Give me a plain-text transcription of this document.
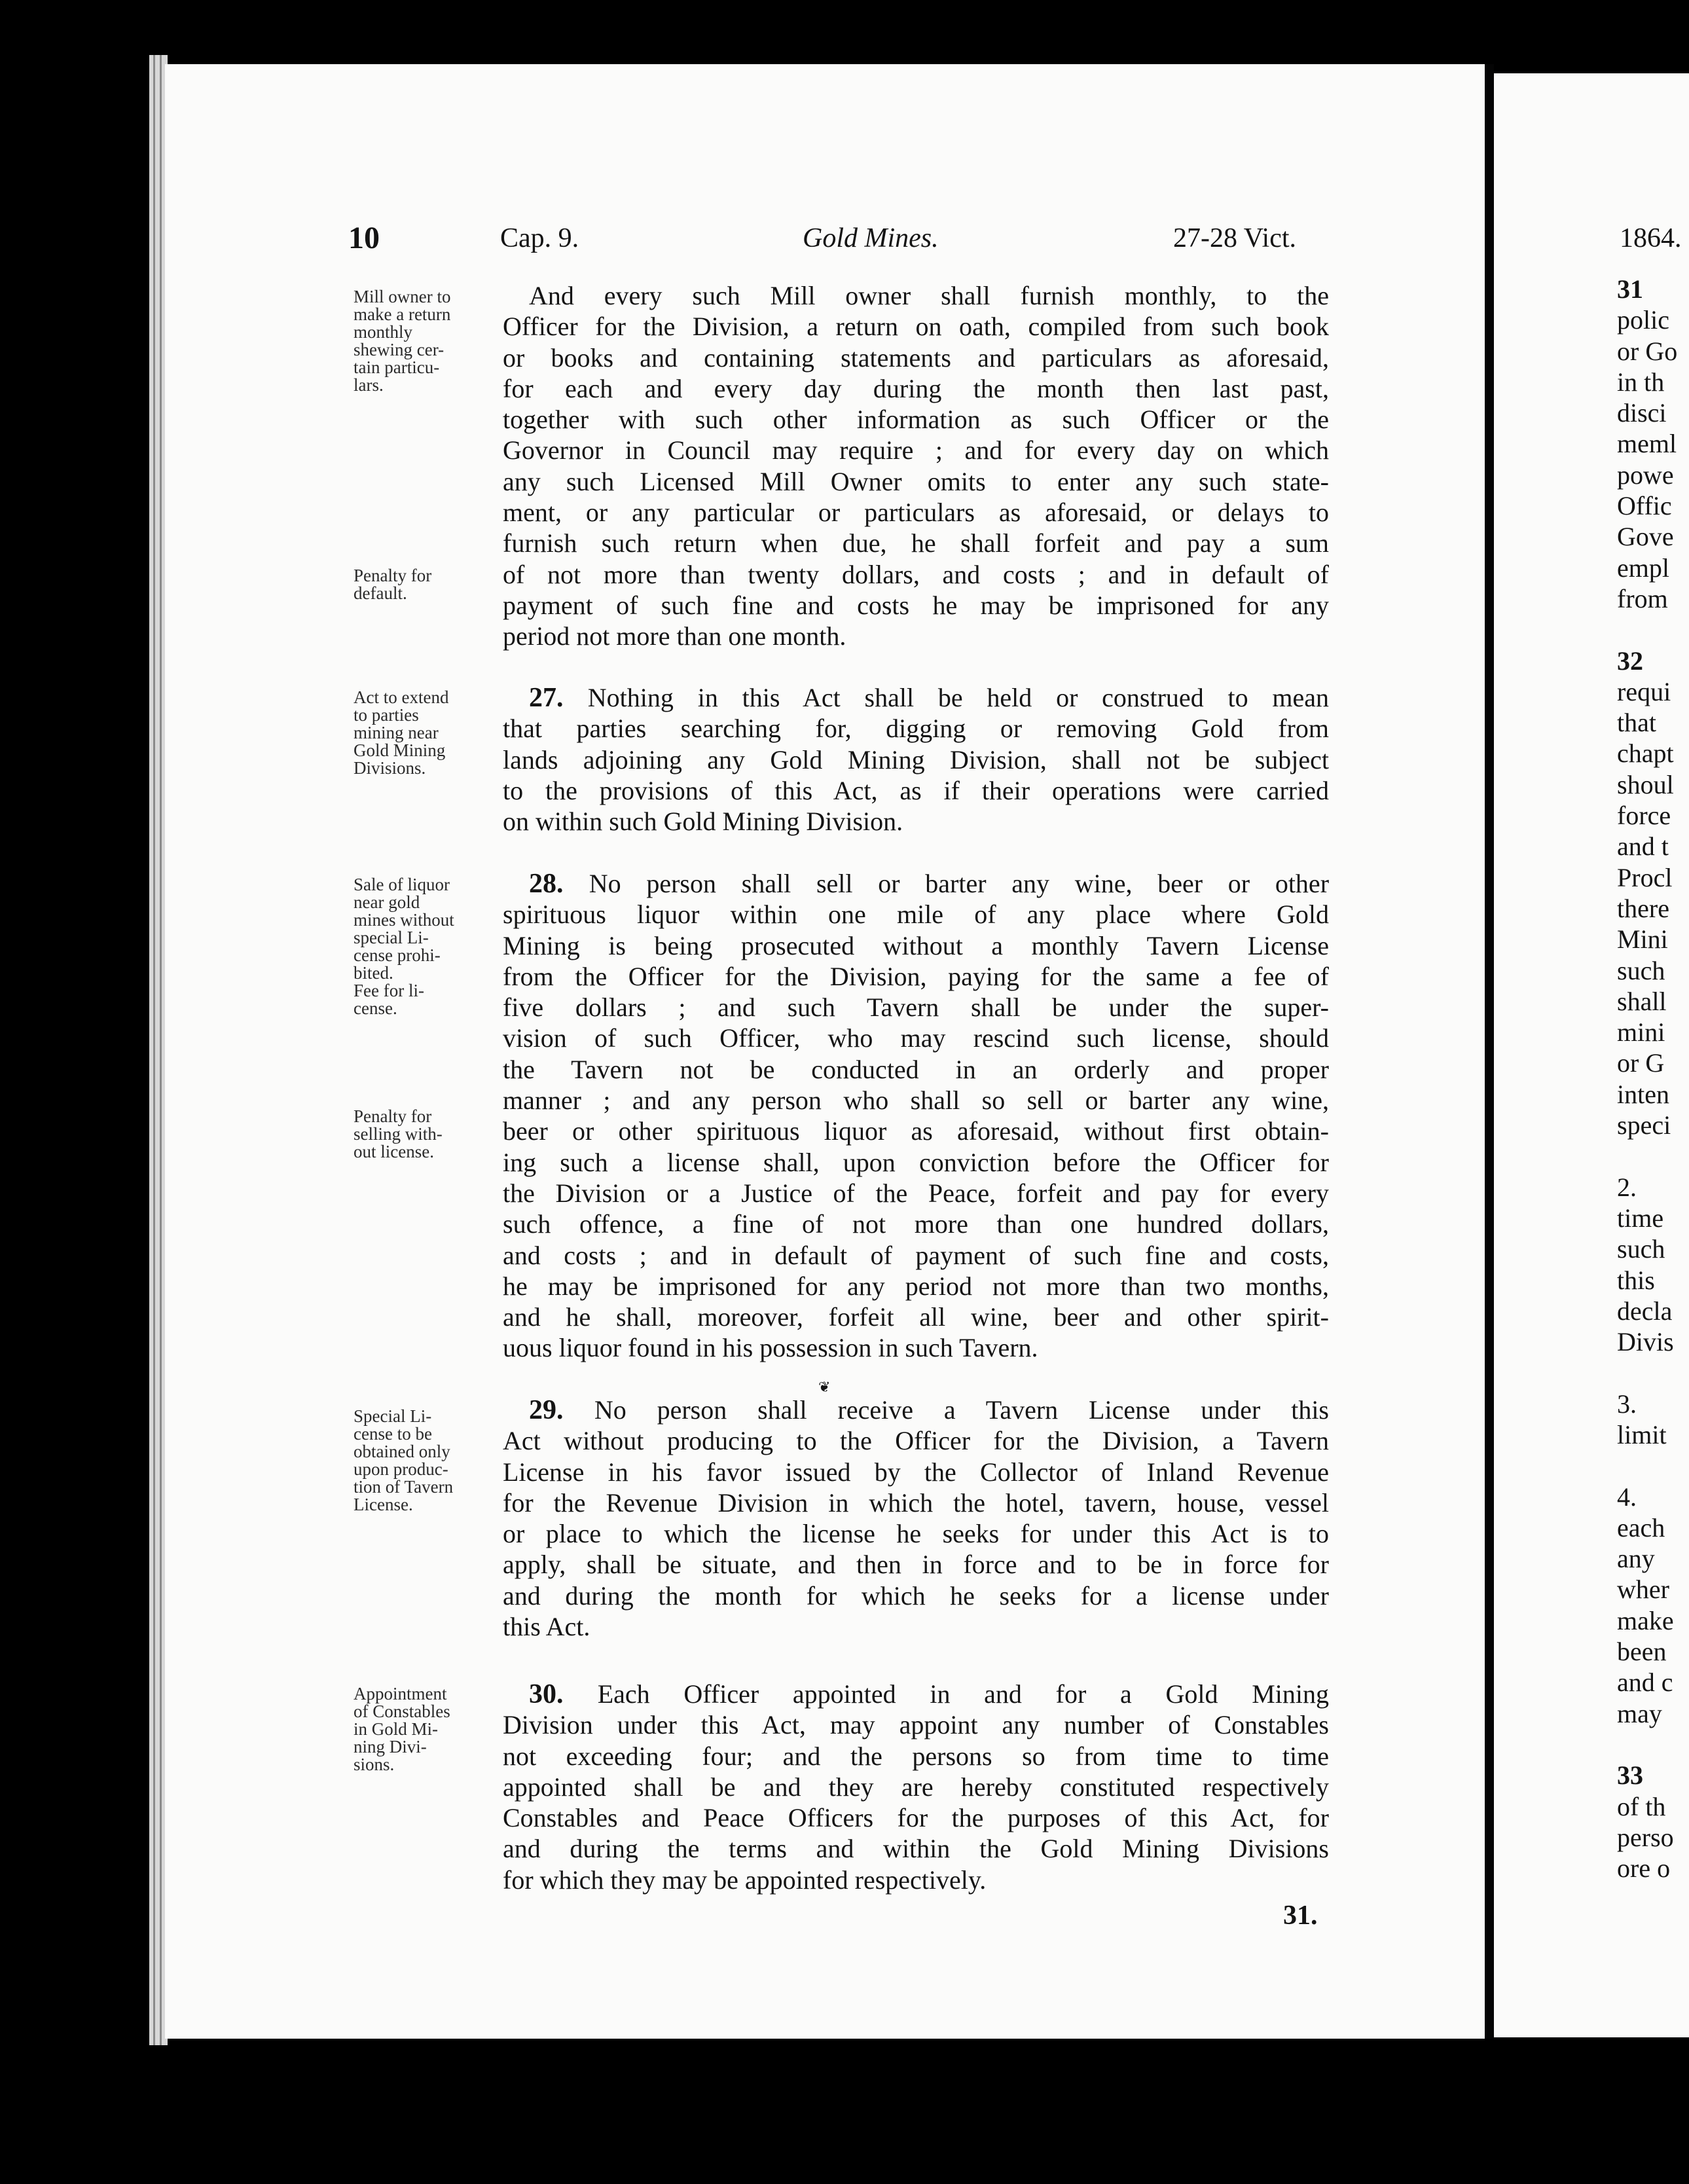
10	Cap. 9.	Gold Mines.	27-28 Vict.
And every such Mill owner shall furnish monthly, to the
Officer for the Division, a return on oath, compiled from such book
or books and containing statements and particulars as aforesaid,
for each and every day during the month then last past,
together with such other information as such Officer or the
Governor in Council may require ; and for every day on which
any such Licensed Mill Owner omits to enter any such state-
ment, or any particular or particulars as aforesaid, or delays to
furnish such return when due, he shall forfeit and pay a sum
of not more than twenty dollars, and costs ; and in default of
payment of such fine and costs he may be imprisoned for any
period not more than one month.
Mill owner to
make a return
monthly
shewing cer-
tain particu-
lars.
Penalty for
default.
27. Nothing in this Act shall be held or construed to mean
that parties searching for, digging or removing Gold from
lands adjoining any Gold Mining Division, shall not be subject
to the provisions of this Act, as if their operations were carried
on within such Gold Mining Division.
Act to extend
to parties
mining near
Gold Mining
Divisions.
28. No person shall sell or barter any wine, beer or other
spirituous liquor within one mile of any place where Gold
Mining is being prosecuted without a monthly Tavern License
from the Officer for the Division, paying for the same a fee of
five dollars ; and such Tavern shall be under the super-
vision of such Officer, who may rescind such license, should
the Tavern not be conducted in an orderly and proper
manner ; and any person who shall so sell or barter any wine,
beer or other spirituous liquor as aforesaid, without first obtain-
ing such a license shall, upon conviction before the Officer for
the Division or a Justice of the Peace, forfeit and pay for every
such offence, a fine of not more than one hundred dollars,
and costs ; and in default of payment of such fine and costs,
he may be imprisoned for any period not more than two months,
and he shall, moreover, forfeit all wine, beer and other spirit-
uous liquor found in his possession in such Tavern.
Sale of liquor
near gold
mines without
special Li-
cense prohi-
bited.
Fee for li-
cense.
Penalty for
selling with-
out license.
29. No person shall receive a Tavern License under this
Act without producing to the Officer for the Division, a Tavern
License in his favor issued by the Collector of Inland Revenue
for the Revenue Division in which the hotel, tavern, house, vessel
or place to which the license he seeks for under this Act is to
apply, shall be situate, and then in force and to be in force for
and during the month for which he seeks for a license under
this Act.
Special Li-
cense to be
obtained only
upon produc-
tion of Tavern
License.
30. Each Officer appointed in and for a Gold Mining
Division under this Act, may appoint any number of Constables
not exceeding four; and the persons so from time to time
appointed shall be and they are hereby constituted respectively
Constables and Peace Officers for the purposes of this Act, for
and during the terms and within the Gold Mining Divisions
for which they may be appointed respectively.
Appointment
of Constables
in Gold Mi-
ning Divi-
sions.
❦
31.
1864.
31
polic
or Go
in th
disci
meml
powe
Offic
Gove
empl
from

32
requi
that
chapt
shoul
force
and t
Procl
there
Mini
such
shall
mini
or G
inten
speci

2.
time
such
this
decla
Divis

3.
limit

4.
each
any
wher
make
been
and c
may

33
of th
perso
ore o
